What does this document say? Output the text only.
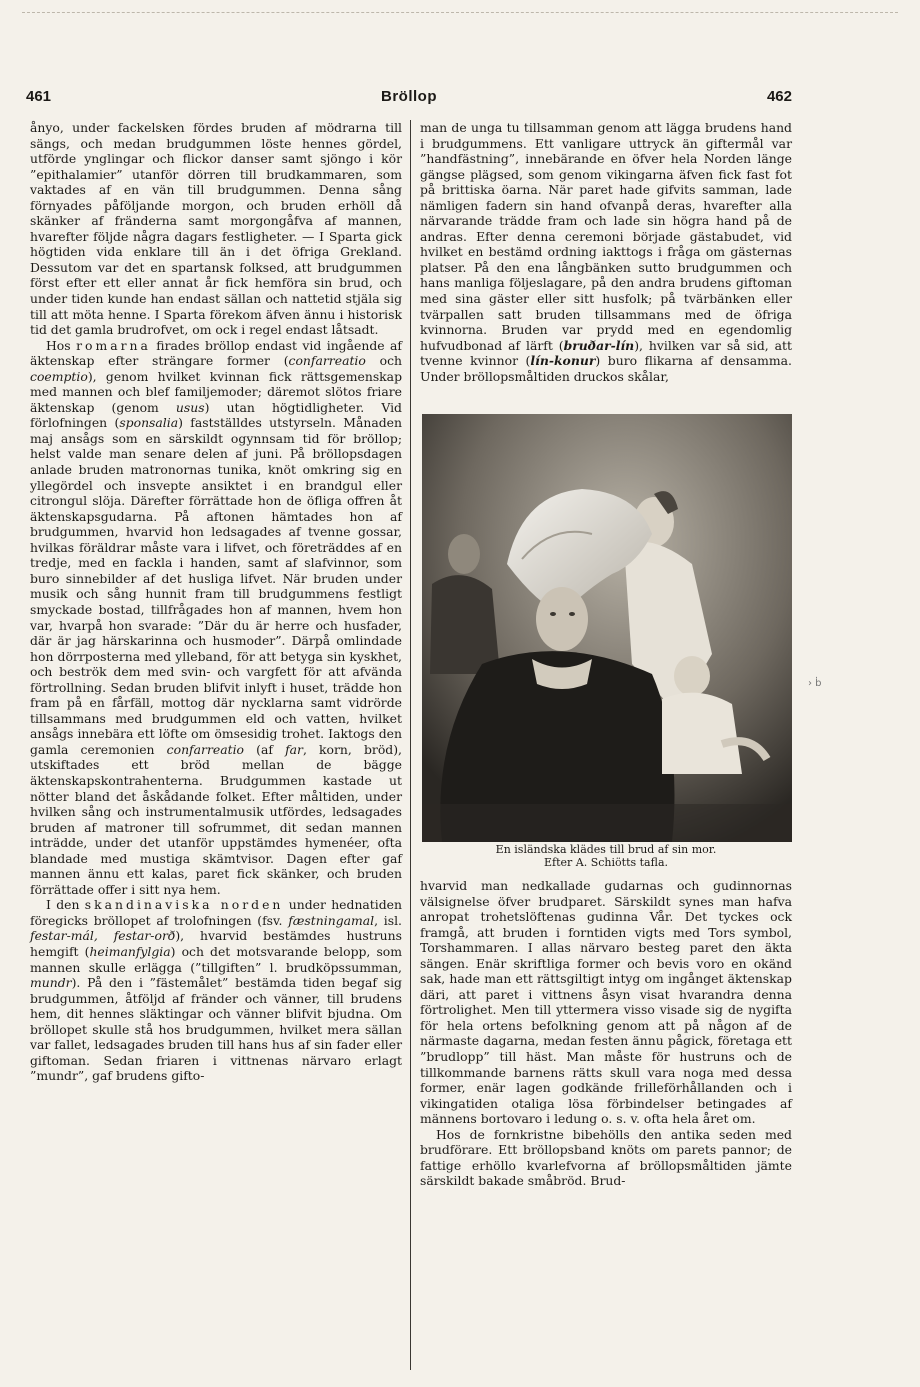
461	Bröllop	462

ånyo, under fackelsken fördes bruden af mödrarna till sängs, och medan brudgummen löste hennes gördel, utförde ynglingar och flickor danser samt sjöngo i kör ”epithalamier” utanför dörren till brudkammaren, som vaktades af en vän till brudgummen. Denna sång förnyades påföljande morgon, och bruden erhöll då skänker af fränderna samt morgongåfva af mannen, hvarefter följde några dagars festligheter. — I Sparta gick högtiden vida enklare till än i det öfriga Grekland. Dessutom var det en spartansk folksed, att brudgummen först efter ett eller annat år fick hemföra sin brud, och under tiden kunde han endast sällan och nattetid stjäla sig till att möta henne. I Sparta förekom äfven ännu i historisk tid det gamla brudrofvet, om ock i regel endast låtsadt.

Hos romarna firades bröllop endast vid ingående af äktenskap efter strängare former (confarreatio och coemptio), genom hvilket kvinnan fick rättsgemenskap med mannen och blef familjemoder; däremot slötos friare äktenskap (genom usus) utan högtidligheter. Vid förlofningen (sponsalia) fastställdes utstyrseln. Månaden maj ansågs som en särskildt ogynnsam tid för bröllop; helst valde man senare delen af juni. På bröllopsdagen anlade bruden matronornas tunika, knöt omkring sig en yllegördel och insvepte ansiktet i en brandgul eller citrongul slöja. Därefter förrättade hon de öfliga offren åt äktenskapsgudarna. På aftonen hämtades hon af brudgummen, hvarvid hon ledsagades af tvenne gossar, hvilkas föräldrar måste vara i lifvet, och företräddes af en tredje, med en fackla i handen, samt af slafvinnor, som buro sinnebilder af det husliga lifvet. När bruden under musik och sång hunnit fram till brudgummens festligt smyckade bostad, tillfrågades hon af mannen, hvem hon var, hvarpå hon svarade: ”Där du är herre och husfader, där är jag härskarinna och husmoder”. Därpå omlindade hon dörrposterna med ylleband, för att betyga sin kyskhet, och beströk dem med svin- och vargfett för att afvända förtrollning. Sedan bruden blifvit inlyft i huset, trädde hon fram på en fårfäll, mottog där nycklarna samt vidrörde tillsammans med brudgummen eld och vatten, hvilket ansågs innebära ett löfte om ömsesidig trohet. Iaktogs den gamla ceremonien confarreatio (af far, korn, bröd), utskiftades ett bröd mellan de bägge äktenskapskontrahenterna. Brudgummen kastade ut nötter bland det åskådande folket. Efter måltiden, under hvilken sång och instrumentalmusik utfördes, ledsagades bruden af matroner till sofrummet, dit sedan mannen inträdde, under det utanför uppstämdes hymenéer, ofta blandade med mustiga skämtvisor. Dagen efter gaf mannen ännu ett kalas, paret fick skänker, och bruden förrättade offer i sitt nya hem.

I den skandinaviska norden under hednatiden föregicks bröllopet af trolofningen (fsv. fæstningamal, isl. festar-mál, festar-orð), hvarvid bestämdes hustruns hemgift (heimanfylgia) och det motsvarande belopp, som mannen skulle erlägga (”tillgiften” l. brudköpssumman, mundr). På den i ”fästemålet” bestämda tiden begaf sig brudgummen, åtföljd af fränder och vänner, till brudens hem, dit hennes släktingar och vänner blifvit bjudna. Om bröllopet skulle stå hos brudgummen, hvilket mera sällan var fallet, ledsagades bruden till hans hus af sin fader eller giftoman. Sedan friaren i vittnenas närvaro erlagt ”mundr”, gaf brudens gifto-

man de unga tu tillsamman genom att lägga brudens hand i brudgummens. Ett vanligare uttryck än giftermål var ”handfästning”, innebärande en öfver hela Norden länge gängse plägsed, som genom vikingarna äfven fick fast fot på brittiska öarna. När paret hade gifvits samman, lade nämligen fadern sin hand ofvanpå deras, hvarefter alla närvarande trädde fram och lade sin högra hand på de andras. Efter denna ceremoni började gästabudet, vid hvilket en bestämd ordning iakttogs i fråga om gästernas platser. På den ena långbänken sutto brudgummen och hans manliga följeslagare, på den andra brudens giftoman med sina gäster eller sitt husfolk; på tvärbänken eller tvärpallen satt bruden tillsammans med de öfriga kvinnorna. Bruden var prydd med en egendomlig hufvudbonad af lärft (bruðar-lín), hvilken var så sid, att tvenne kvinnor (lín-konur) buro flikarna af densamma. Under bröllopsmåltiden druckos skålar,

En isländska klädes till brud af sin mor.
Efter A. Schiötts tafla.

hvarvid man nedkallade gudarnas och gudinnornas välsignelse öfver brudparet. Särskildt synes man hafva anropat trohetslöftenas gudinna Vår. Det tyckes ock framgå, att bruden i forntiden vigts med Tors symbol, Torshammaren. I allas närvaro besteg paret den äkta sängen. Enär skriftliga former och bevis voro en okänd sak, hade man ett rättsgiltigt intyg om ingånget äktenskap däri, att paret i vittnens åsyn visat hvarandra denna förtrolighet. Men till yttermera visso visade sig de nygifta för hela ortens befolkning genom att på någon af de närmaste dagarna, medan festen ännu pågick, företaga ett ”brudlopp” till häst. Man måste för hustruns och de tillkommande barnens rätts skull vara noga med dessa former, enär lagen godkände frilleförhållanden och i vikingatiden otaliga lösa förbindelser betingades af männens bortovaro i ledung o. s. v. ofta hela året om.

Hos de fornkristne bibehölls den antika seden med brudförare. Ett bröllopsband knöts om parets pannor; de fattige erhöllo kvarlefvorna af bröllopsmåltiden jämte särskildt bakade småbröd. Brud-

› ḃ
